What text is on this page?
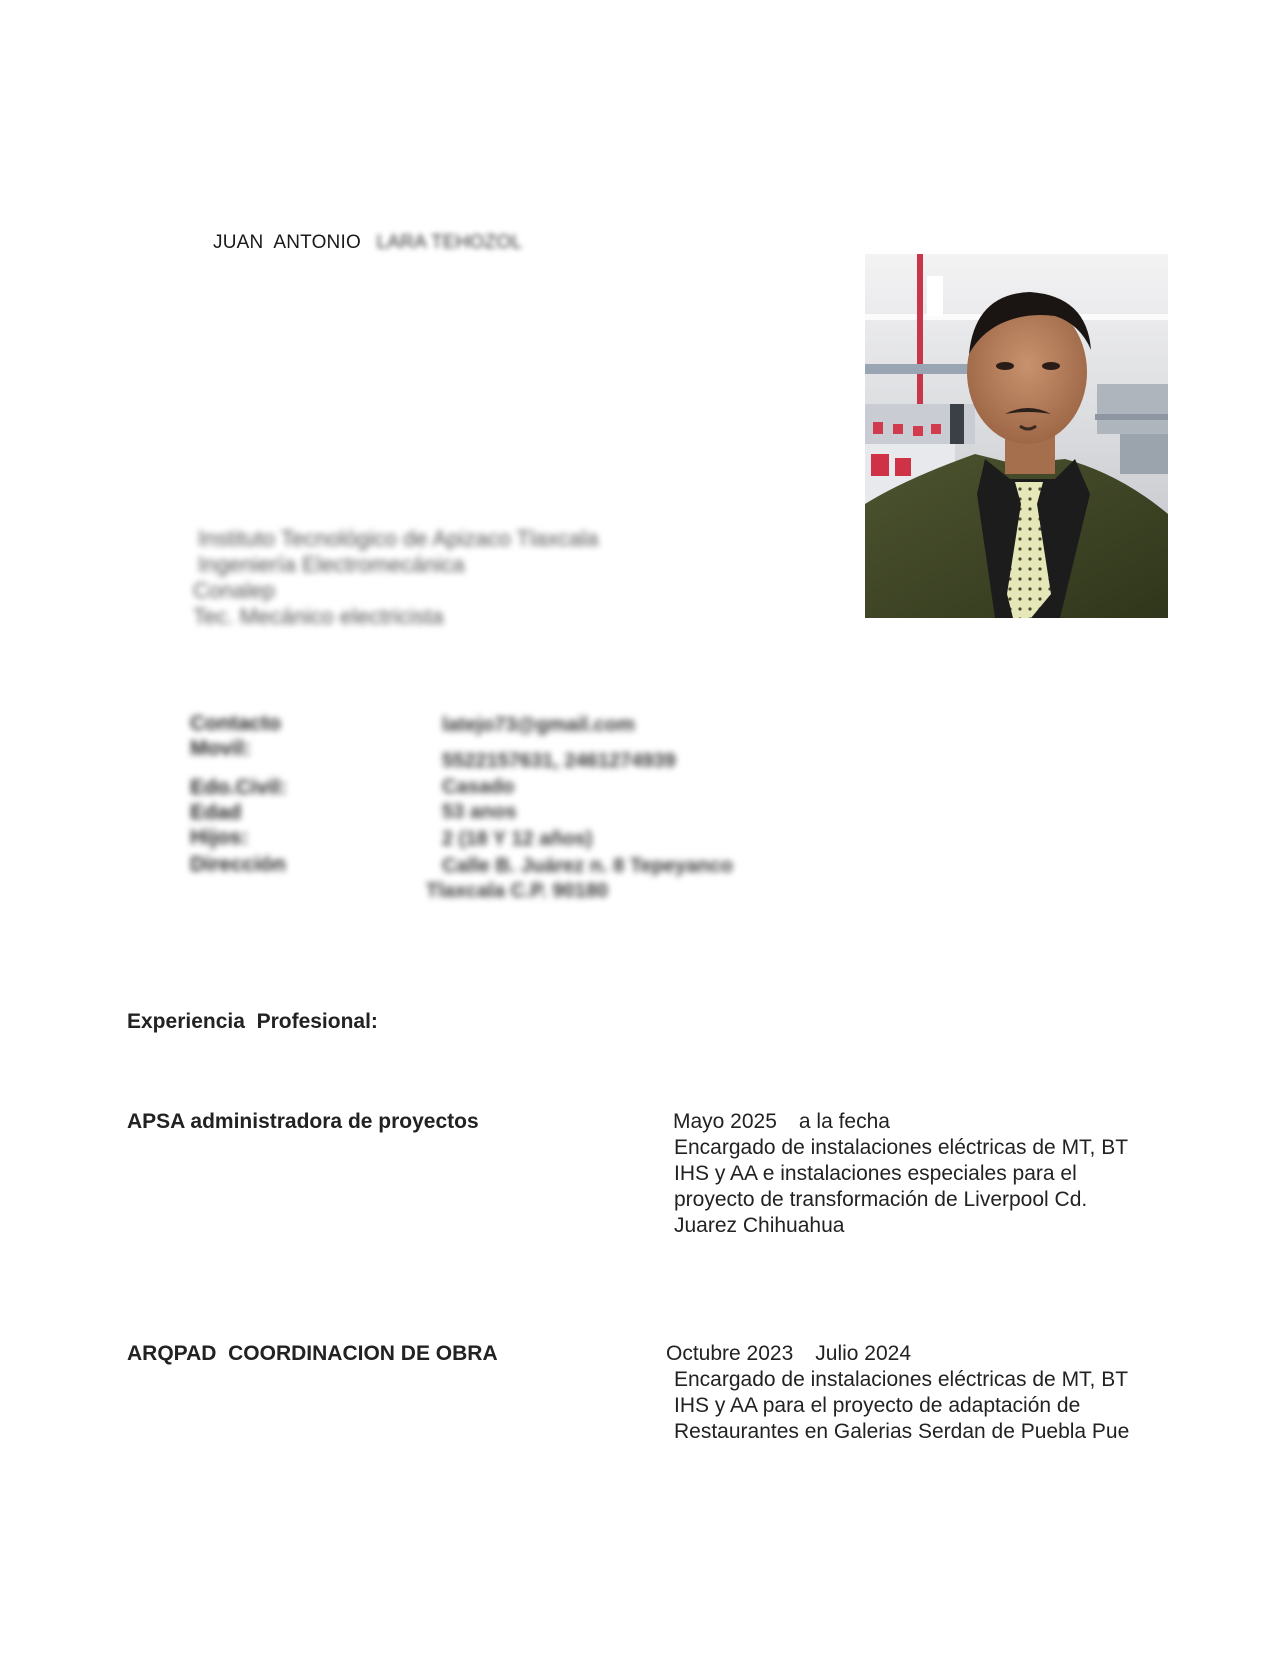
JUAN  ANTONIO LARA TEHOZOL
Instituto Tecnológico de Apizaco Tlaxcala
Ingeniería Electromecánica
Conalep
Tec. Mecánico electricista
Contacto
Movil:
Edo.Civil:
Edad
Hijos:
Dirección
latejo73@gmail.com
5522157631, 2461274939
Casado
53 anos
2 (18 Y 12 años)
Calle B. Juárez n. 8 Tepeyanco
Tlaxcala C.P. 90180
Experiencia  Profesional:
APSA administradora de proyectos	Mayo 2025 a la fecha
Encargado de instalaciones eléctricas de MT, BT
IHS y AA e instalaciones especiales para el
proyecto de transformación de Liverpool Cd.
Juarez Chihuahua
ARQPAD  COORDINACION DE OBRA	Octubre 2023 Julio 2024
Encargado de instalaciones eléctricas de MT, BT
IHS y AA para el proyecto de adaptación de
Restaurantes en Galerias Serdan de Puebla Pue
